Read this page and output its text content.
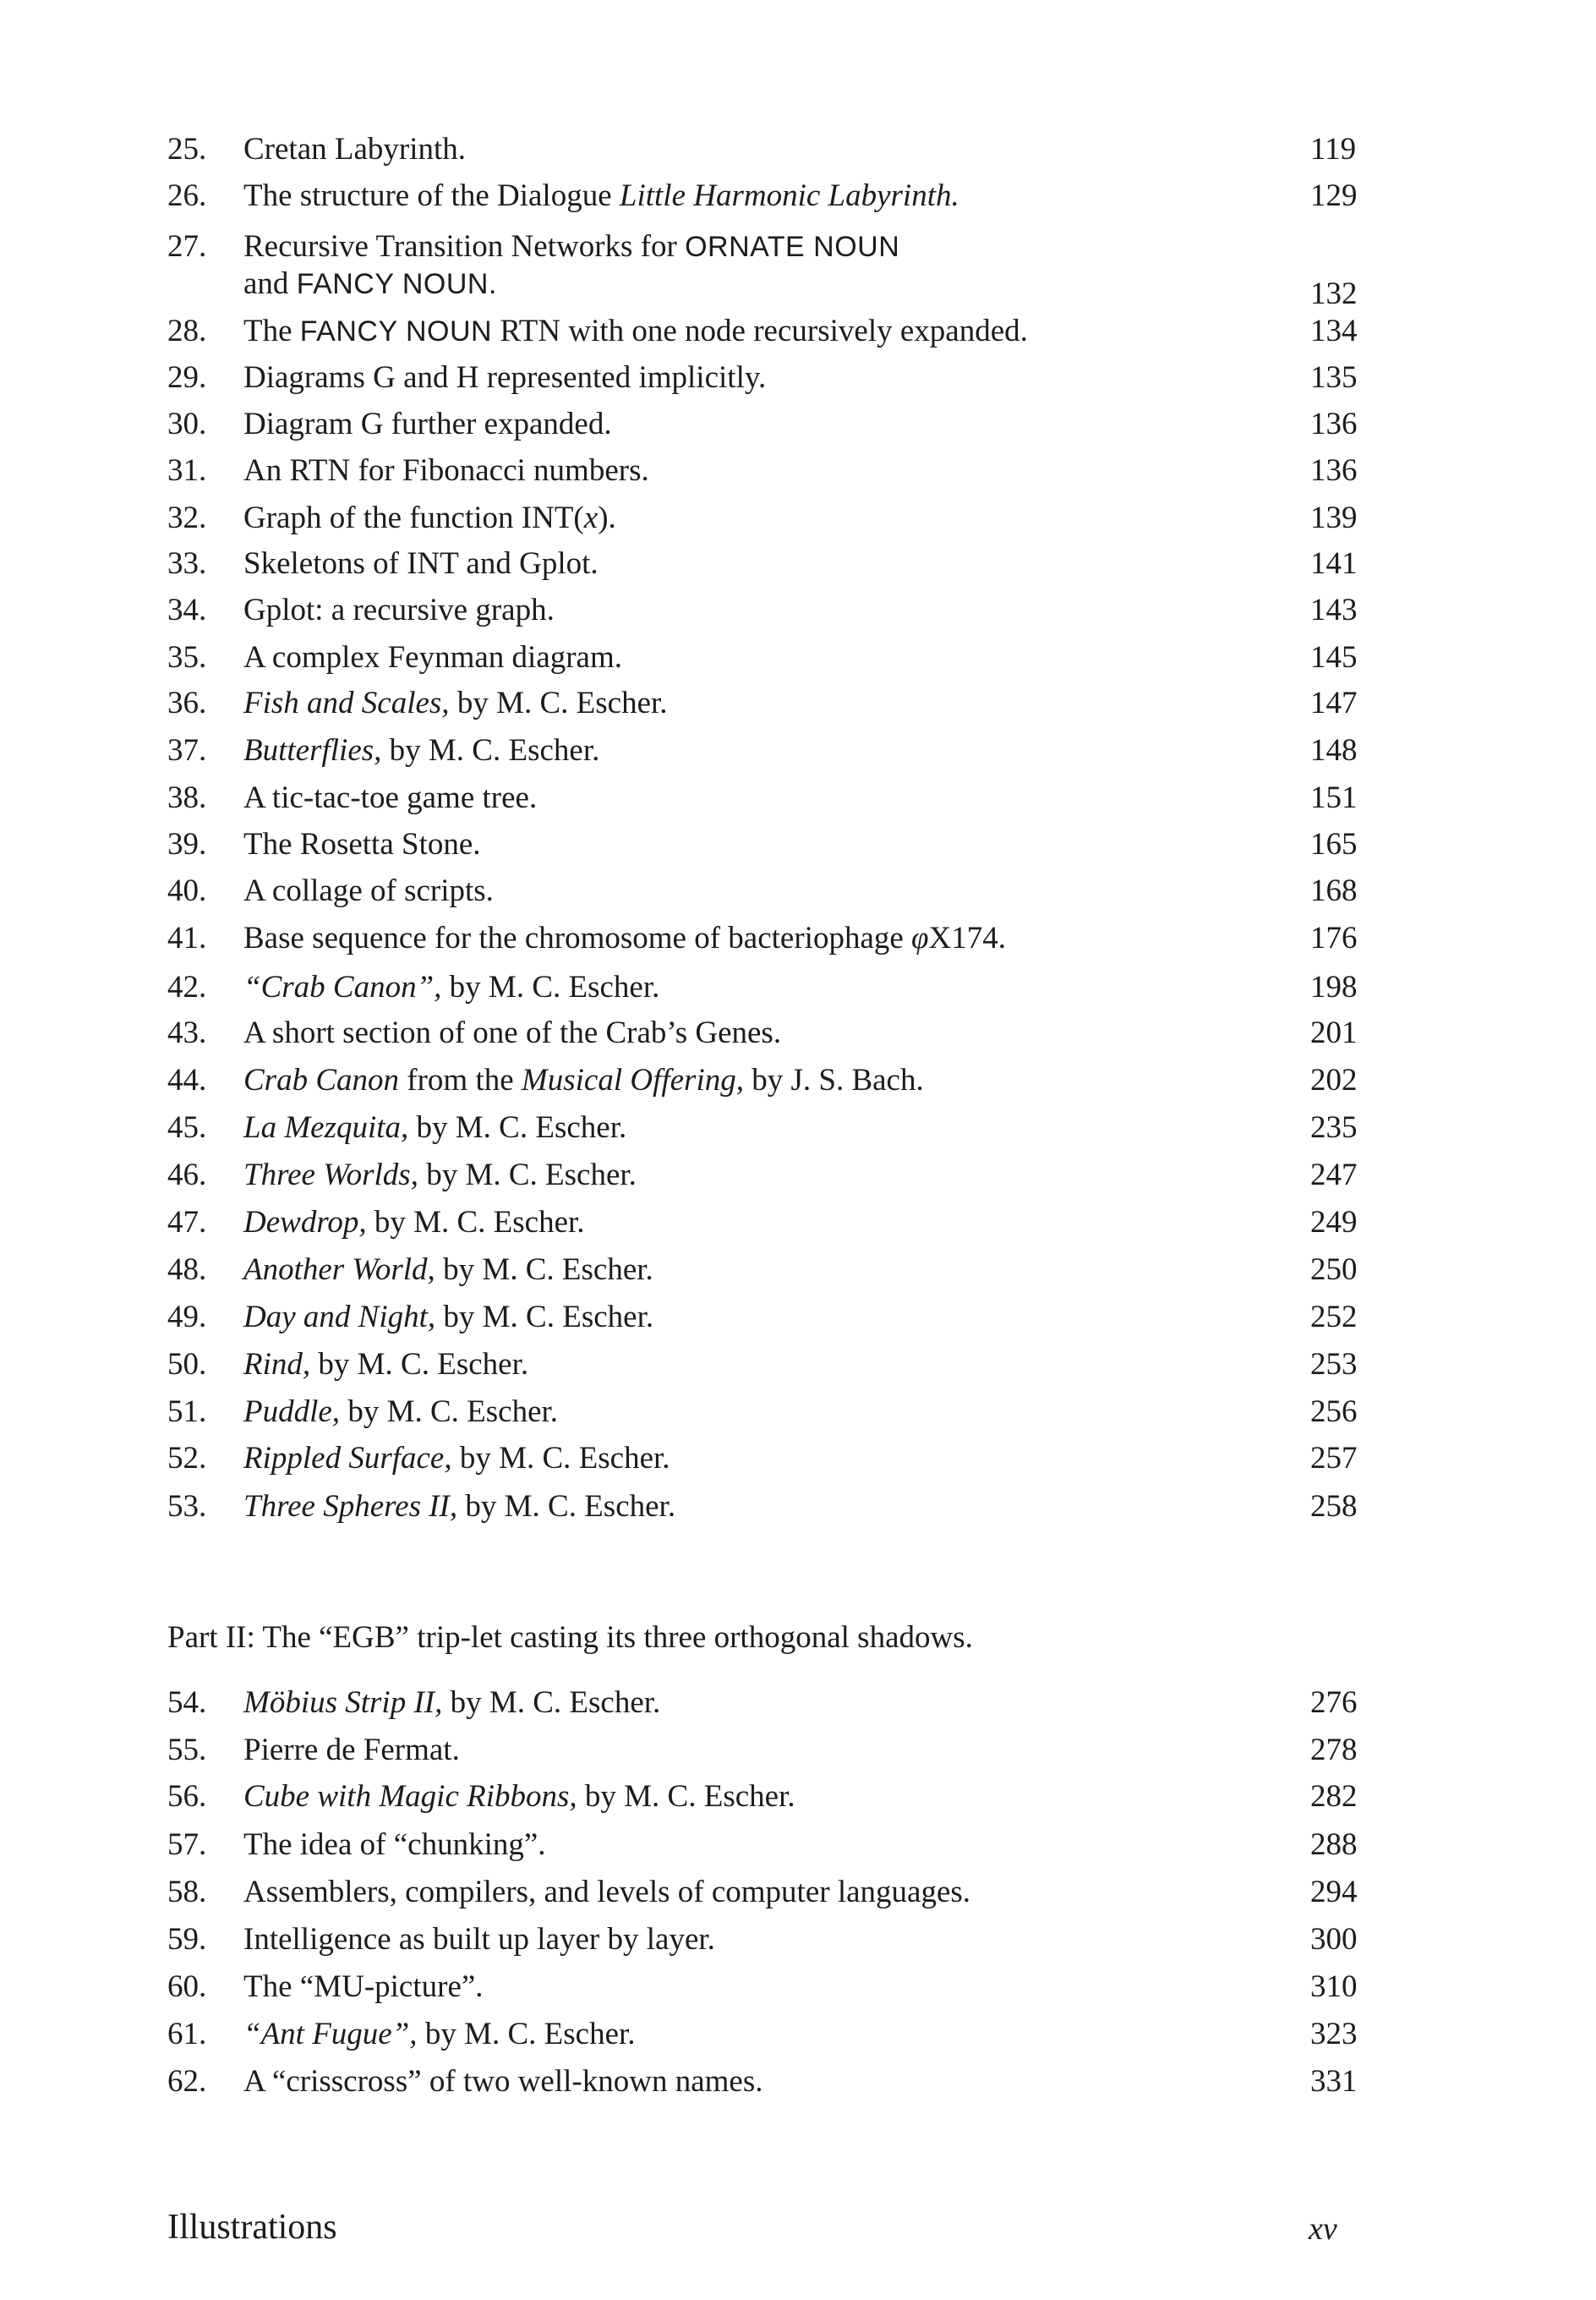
25. Cretan Labyrinth.	119
26. The structure of the Dialogue Little Harmonic Labyrinth.	129
27. Recursive Transition Networks for ORNATE NOUN
and FANCY NOUN.	132
28. The FANCY NOUN RTN with one node recursively expanded.	134
29. Diagrams G and H represented implicitly.	135
30. Diagram G further expanded.	136
31. An RTN for Fibonacci numbers.	136
32. Graph of the function INT(x).	139
33. Skeletons of INT and Gplot.	141
34. Gplot: a recursive graph.	143
35. A complex Feynman diagram.	145
36. Fish and Scales, by M. C. Escher.	147
37. Butterflies, by M. C. Escher.	148
38. A tic-tac-toe game tree.	151
39. The Rosetta Stone.	165
40. A collage of scripts.	168
41. Base sequence for the chromosome of bacteriophage φX174.	176
42. “Crab Canon”, by M. C. Escher.	198
43. A short section of one of the Crab’s Genes.	201
44. Crab Canon from the Musical Offering, by J. S. Bach.	202
45. La Mezquita, by M. C. Escher.	235
46. Three Worlds, by M. C. Escher.	247
47. Dewdrop, by M. C. Escher.	249
48. Another World, by M. C. Escher.	250
49. Day and Night, by M. C. Escher.	252
50. Rind, by M. C. Escher.	253
51. Puddle, by M. C. Escher.	256
52. Rippled Surface, by M. C. Escher.	257
53. Three Spheres II, by M. C. Escher.	258
Part II: The “EGB” trip-let casting its three orthogonal shadows.
54. Möbius Strip II, by M. C. Escher.	276
55. Pierre de Fermat.	278
56. Cube with Magic Ribbons, by M. C. Escher.	282
57. The idea of “chunking”.	288
58. Assemblers, compilers, and levels of computer languages.	294
59. Intelligence as built up layer by layer.	300
60. The “MU-picture”.	310
61. “Ant Fugue”, by M. C. Escher.	323
62. A “crisscross” of two well-known names.	331
Illustrations	xv
